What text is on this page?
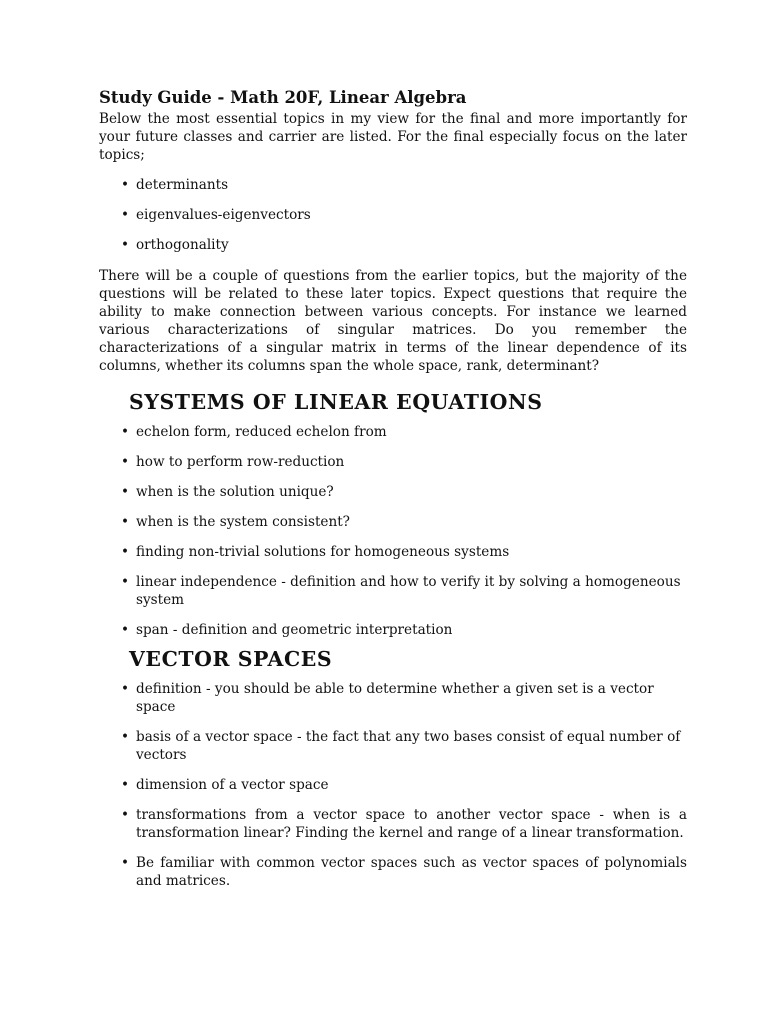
Study Guide - Math 20F, Linear Algebra

Below the most essential topics in my view for the final and more importantly for your future classes and carrier are listed. For the final especially focus on the later topics;

• determinants
• eigenvalues-eigenvectors
• orthogonality

There will be a couple of questions from the earlier topics, but the majority of the questions will be related to these later topics. Expect questions that require the ability to make connection between various concepts. For instance we learned various characterizations of singular matrices. Do you remember the characterizations of a singular matrix in terms of the linear dependence of its columns, whether its columns span the whole space, rank, determinant?

SYSTEMS OF LINEAR EQUATIONS
• echelon form, reduced echelon from
• how to perform row-reduction
• when is the solution unique?
• when is the system consistent?
• finding non-trivial solutions for homogeneous systems
• linear independence - definition and how to verify it by solving a homogeneous system
• span - definition and geometric interpretation
VECTOR SPACES
• definition - you should be able to determine whether a given set is a vector space
• basis of a vector space - the fact that any two bases consist of equal number of vectors
• dimension of a vector space
• transformations from a vector space to another vector space - when is a transformation linear? Finding the kernel and range of a linear transformation.
• Be familiar with common vector spaces such as vector spaces of polynomials and matrices.
